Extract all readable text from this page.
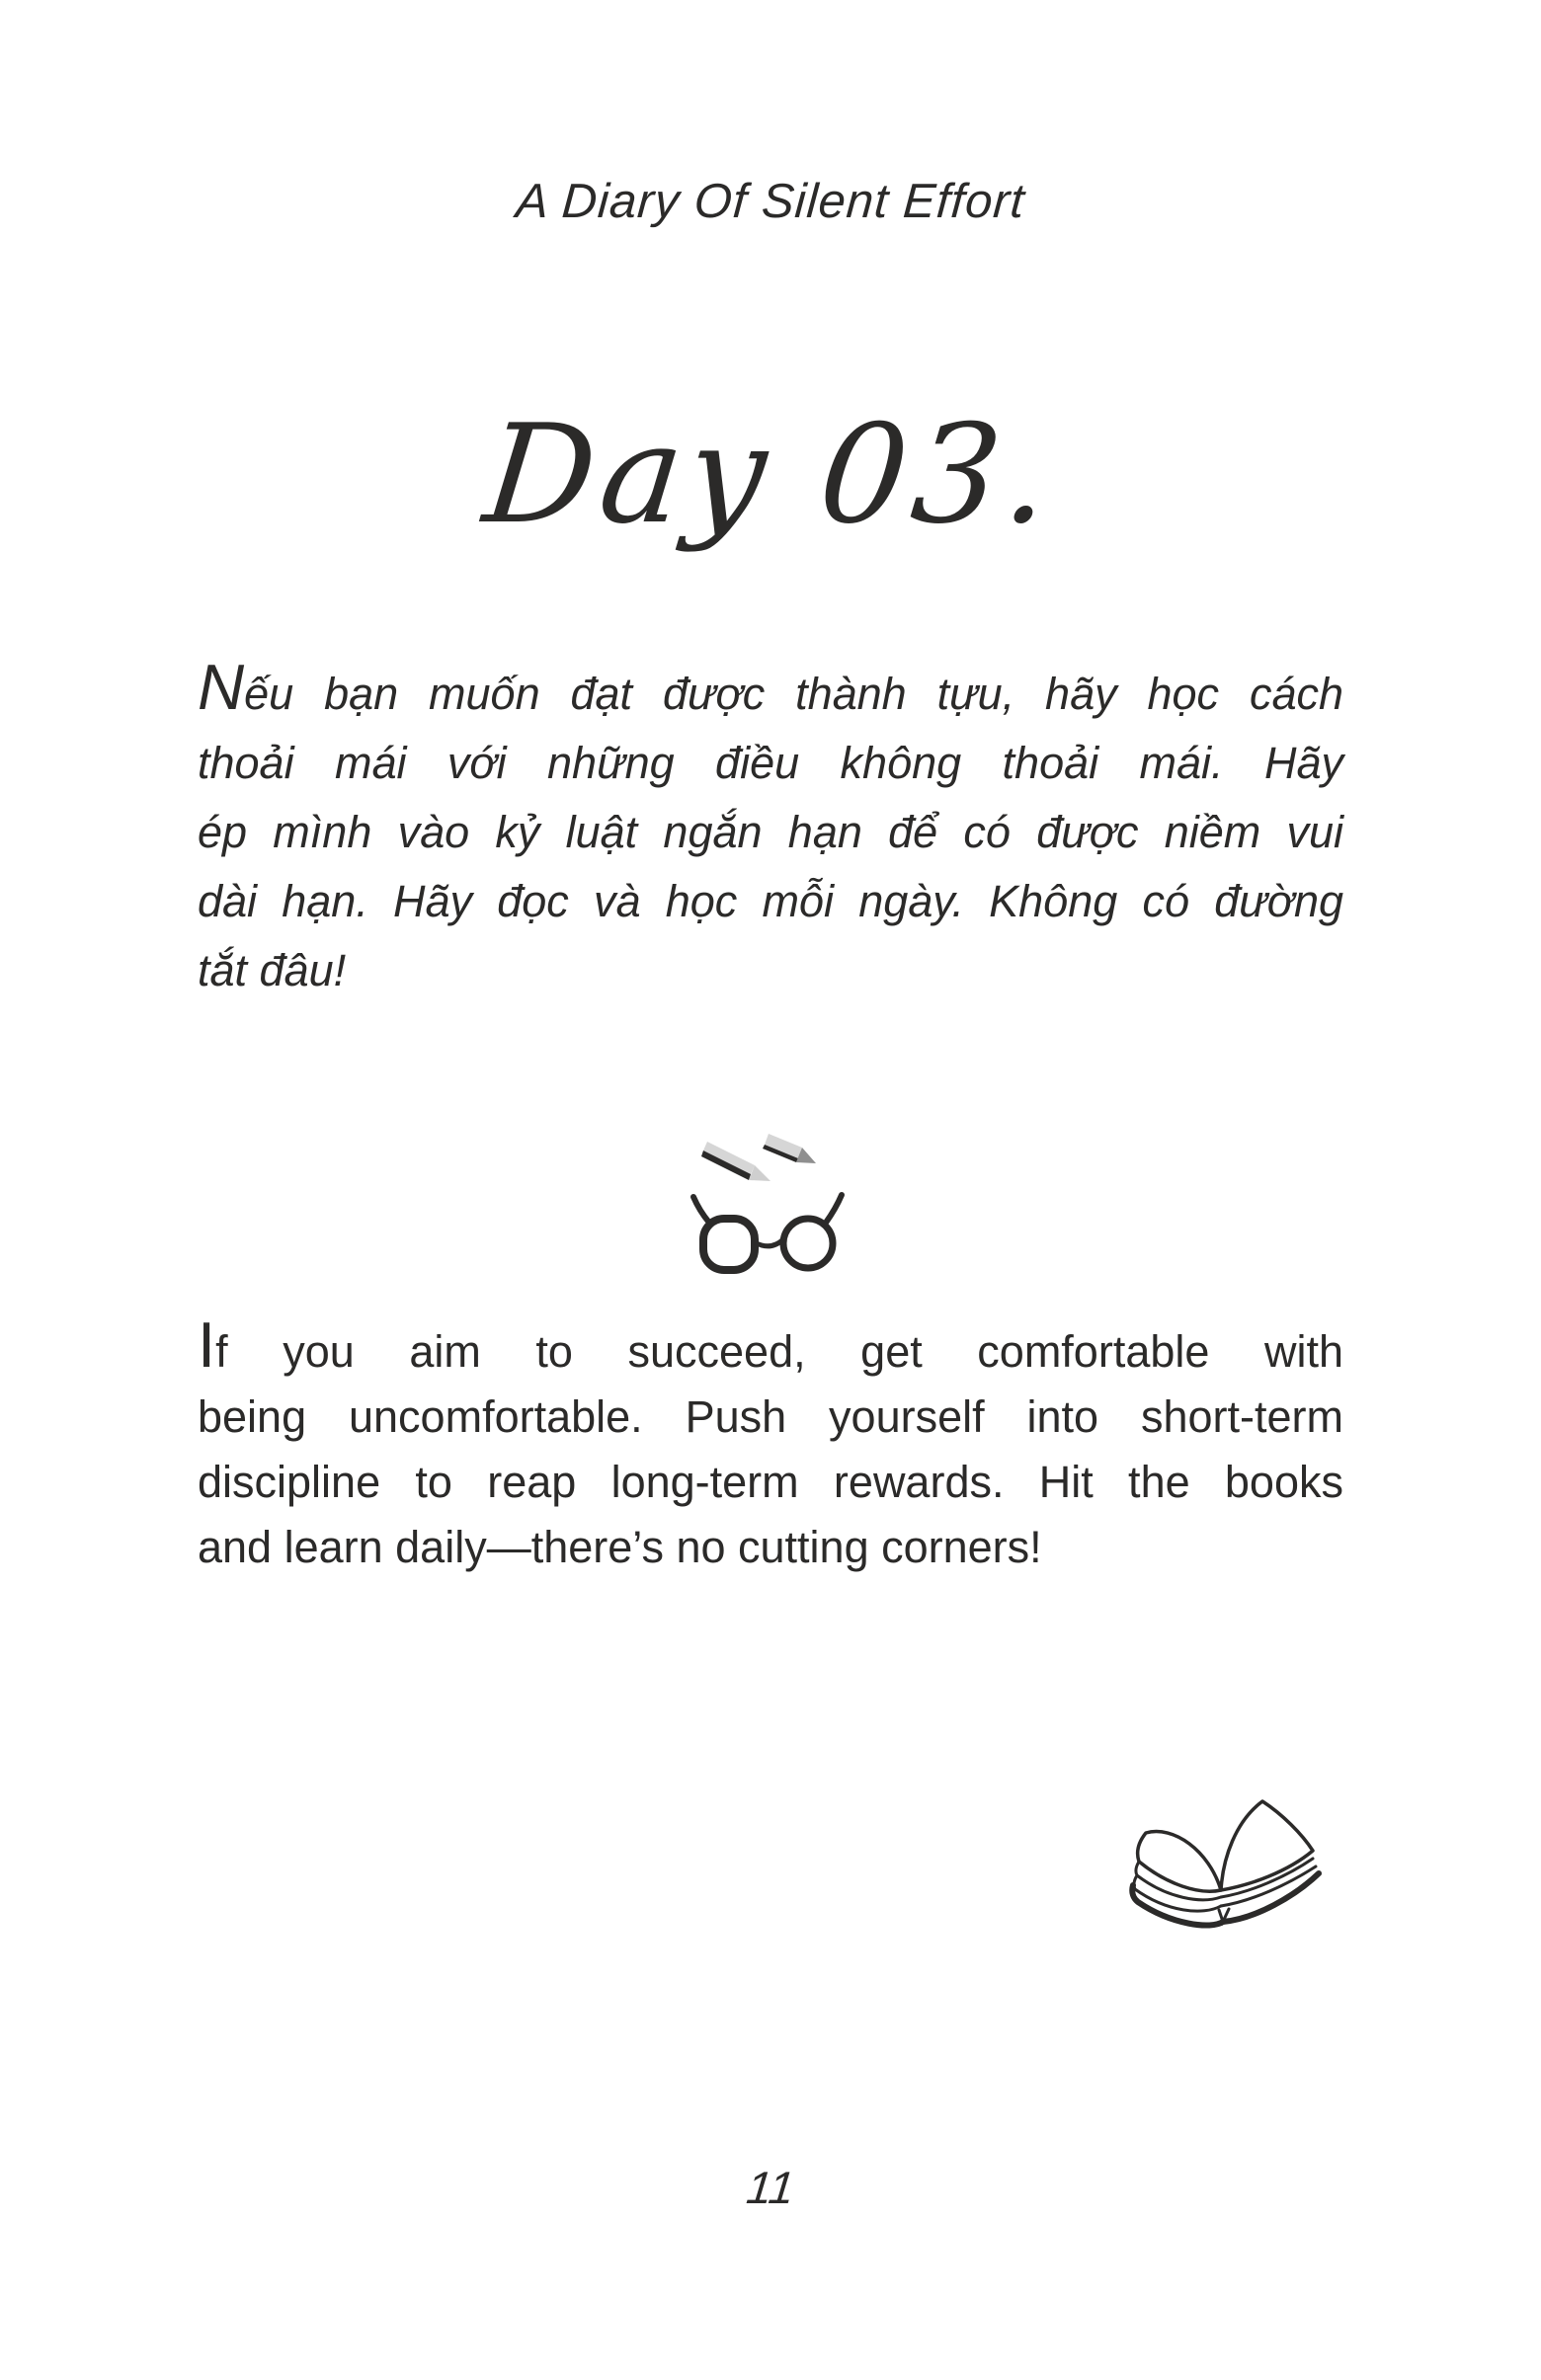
A Diary Of Silent Effort
Day 03.
Nếu bạn muốn đạt được thành tựu, hãy học cách
thoải mái với những điều không thoải mái. Hãy
ép mình vào kỷ luật ngắn hạn để có được niềm vui
dài hạn. Hãy đọc và học mỗi ngày. Không có đường
tắt đâu!
If you aim to succeed, get comfortable with
being uncomfortable. Push yourself into short-term
discipline to reap long-term rewards. Hit the books
and learn daily—there’s no cutting corners!
11
